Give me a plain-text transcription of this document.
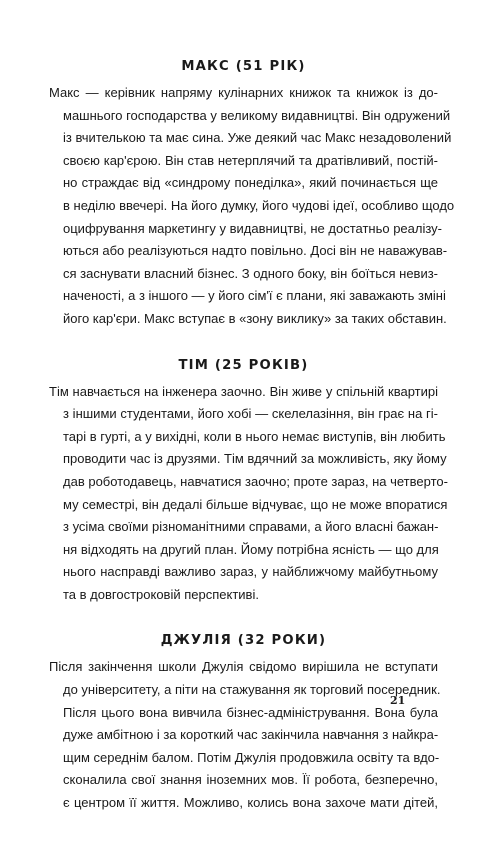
МАКС (51 РІК)
Макс — керівник напряму кулінарних книжок та книжок із до-
машнього господарства у великому видавництві. Він одружений
із вчителькою та має сина. Уже деякий час Макс незадоволений
своєю кар'єрою. Він став нетерплячий та дратівливий, постій-
но страждає від «синдрому понеділка», який починається ще
в неділю ввечері. На його думку, його чудові ідеї, особливо щодо
оцифрування маркетингу у видавництві, не достатньо реалізу-
ються або реалізуються надто повільно. Досі він не наважував-
ся заснувати власний бізнес. З одного боку, він боїться невиз-
наченості, а з іншого — у його сім'ї є плани, які заважають зміні
його кар'єри. Макс вступає в «зону виклику» за таких обставин.
ТІМ (25 РОКІВ)
Тім навчається на інженера заочно. Він живе у спільній квартирі
з іншими студентами, його хобі — скелелазіння, він грає на гі-
тарі в гурті, а у вихідні, коли в нього немає виступів, він любить
проводити час із друзями. Тім вдячний за можливість, яку йому
дав роботодавець, навчатися заочно; проте зараз, на четверто-
му семестрі, він дедалі більше відчуває, що не може впоратися
з усіма своїми різноманітними справами, а його власні бажан-
ня відходять на другий план. Йому потрібна ясність — що для
нього насправді важливо зараз, у найближчому майбутньому
та в довгостроковій перспективі.
ДЖУЛІЯ (32 РОКИ)
Після закінчення школи Джулія свідомо вирішила не вступати
до університету, а піти на стажування як торговий посередник.
Після цього вона вивчила бізнес-адміністрування. Вона була
дуже амбітною і за короткий час закінчила навчання з найкра-
щим середнім балом. Потім Джулія продовжила освіту та вдо-
сконалила свої знання іноземних мов. Її робота, безперечно,
є центром її життя. Можливо, колись вона захоче мати дітей,
21
